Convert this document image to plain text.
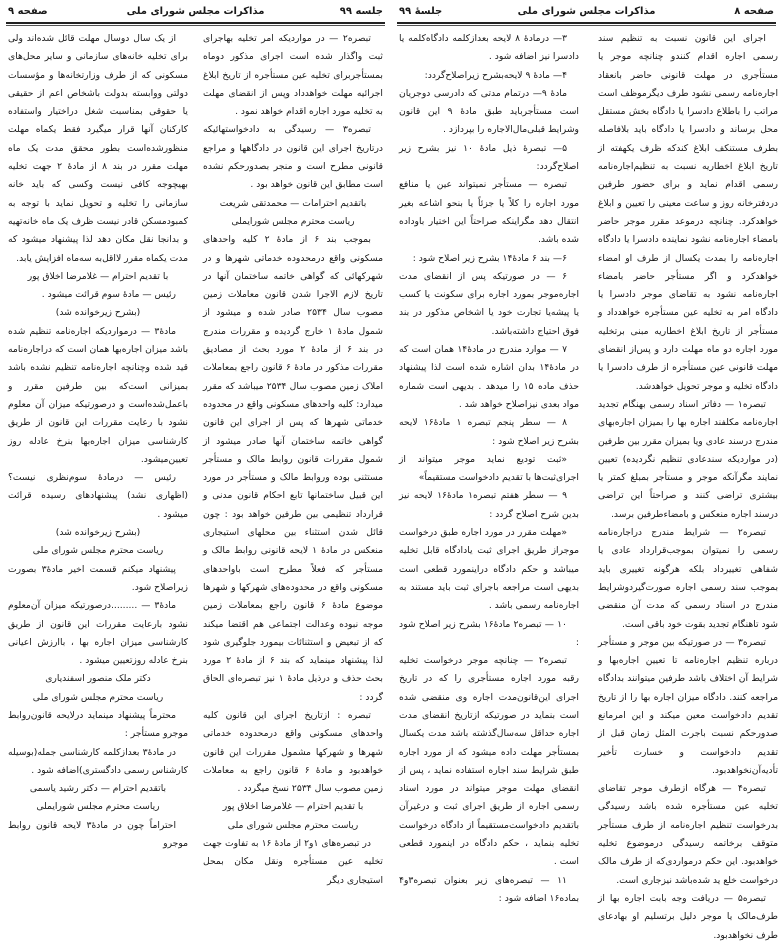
جلسه ۹۹
مذاکرات مجلس شورای ملی
صفحه ۹

تبصره۲ — در مواردیکه امر تخلیه بهاجرای ثبت واگذار شده است اجرای مذکور دوماه بمستأجربرای تخلیه عین مستأجره از تاریخ ابلاغ اجرائیه مهلت خواهدداد وپس از انقضای مهلت به تخلیه مورد اجاره اقدام خواهد نمود .

تبصره۳ — رسیدگی به دادخواستهائیکه درتاریخ اجرای این قانون در دادگاهها و مراجع قانونی مطرح است و منجر بصدورحکم نشده است مطابق این قانون خواهد بود .

باتقدیم احترامات — محمدتقی شریعت

ریاست محترم مجلس شورایملی

بموجب بند ۶ از مادهٔ ۲ کلیه واحدهای مسکونی واقع درمحدوده خدماتی شهرها و در شهرکهائی که گواهی خاتمه ساختمان آنها در تاریخ لازم الاجرا شدن قانون معاملات زمین مصوب سال ۲۵۳۴ صادر شده و میشود از شمول مادهٔ ۱ خارج گردیده و مقررات مندرج در بند ۶ از مادهٔ ۲ مورد بحث از مصادیق مقررات مذکور در مادهٔ ۶ قانون راجع بمعاملات املاک زمین مصوب سال ۲۵۳۴ میباشد که مقرر میدارد: کلیه واحدهای مسکونی واقع در محدوده خدماتی شهرها که پس از اجرای این قانون گواهی خاتمه ساختمان آنها صادر میشود از شمول مقررات قانون روابط مالک و مستأجر مستثنی بوده وروابط مالک و مستأجر در مورد این قبیل ساختمانها تابع احکام قانون مدنی و قرارداد تنظیمی بین طرفین خواهد بود : چون قائل شدن استثناء بین محلهای استیجاری منعکس در مادهٔ ۱ لایحه قانونی روابط مالک و مستأجر که فعلاً مطرح است باواحدهای مسکونی واقع در محدوده‌های شهرکها و شهرها موضوع مادهٔ ۶ قانون راجع بمعاملات زمین موجه نبوده وعدالت اجتماعی هم اقتضا میکند که از تبعیض و استثنائات بیمورد جلوگیری شود لذا پیشنهاد مینماید که بند ۶ از مادهٔ ۲ مورد بحث حذف و درذیل مادهٔ ۱ نیز تبصره‌ای الحاق گردد :

تبصره : ازتاریخ اجرای این قانون کلیه واحدهای مسکونی واقع درمحدوده خدماتی شهرها و شهرکها مشمول مقررات این قانون خواهدبود و مادهٔ ۶ قانون راجع به معاملات زمین مصوب سال ۲۵۳۴ نسخ میگردد .

با تقدیم احترام — غلامرضا اخلاق پور

ریاست محترم مجلس شورای ملی

در تبصره‌های ۱و۲ از مادهٔ ۱۶ به تفاوت جهت تخلیه عین مستأجره ونقل مکان بمحل استیجاری دیگر

از یک سال دوسال مهلت قائل شده‌اند ولی برای تخلیه خانه‌های سازمانی و سایر محل‌های مسکونی که از طرف وزارتخانه‌ها و مؤسسات دولتی ووابسته بدولت باشخاص اعم از حقیقی یا حقوقی بمناسبت شغل دراختیار واستفاده کارکنان آنها قرار میگیرد فقط یکماه مهلت منظورشده‌است بطور محقق مدت یک ماه مهلت مقرر در بند ۸ از مادهٔ ۲ جهت تخلیه بهیچوجه کافی نیست وکسی که باید خانه سازمانی را تخلیه و تحویل نماید با توجه به کمبودمسکن قادر نیست ظرف یک ماه خانه‌تهیه و بدانجا نقل مکان دهد لذا پیشنهاد میشود که مدت یکماه مقرر لااقل‌به سه‌ماه افزایش یابد.

با تقدیم احترام — غلامرضا اخلاق پور

رئیس — مادهٔ سوم قرائت میشود .

(بشرح زیرخوانده شد)

مادهٔ۳ — درمواردیکه اجاره‌نامه تنظیم شده باشد میزان اجاره‌بها همان است که دراجاره‌نامه قید شده وچنانچه اجاره‌نامه تنظیم نشده باشد بمیزانی است‌که بین طرفین مقرر و باعمل‌شده‌است و درصورتیکه میزان آن معلوم نشود با رعایت مقررات این قانون از طریق کارشناسی میزان اجاره‌بها بنرخ عادله روز تعیین‌میشود.

رئیس — درمادهٔ سوم‌نظری نیست؟ (اظهاری نشد) پیشنهادهای رسیده قرائت میشود .

(بشرح زیرخوانده شد)

ریاست محترم مجلس شورای ملی

پیشنهاد میکنم قسمت اخیر مادهٔ۳ بصورت زیراصلاح شود.

مادهٔ۳ — .........درصورتیکه میزان آن‌معلوم نشود بارعایت مقررات این قانون از طریق کارشناسی میزان اجاره بها ، باارزش اعیانی بنرخ عادله روزتعیین میشود .

دکتر ملک منصور اسفندیاری

ریاست محترم مجلس شورای ملی

محترماً پیشنهاد مینماید درلایحه قانون‌روابط موجرو مستأجر :

در مادهٔ۳ بعدازکلمه کارشناسی جمله(بوسیله کارشناس رسمی دادگستری)اضافه شود .

باتقدیم احترام — دکتر رشید یاسمی

ریاست محترم مجلس شورایملی

احتراماً چون در مادهٔ۳ لایحه قانون روابط موجرو

صفحه ۸
مذاکرات مجلس شورای ملی
جلسهٔ ۹۹

اجرای این قانون نسبت به تنظیم سند رسمی اجاره اقدام کنندو چنانچه موجر یا مستأجری در مهلت قانونی حاضر بانعقاد اجاره‌نامه رسمی نشود طرف دیگرموظف است مراتب را باطلاع دادسرا یا دادگاه بخش مستقل محل برساند و دادسرا یا دادگاه باید بلافاصله بطرف مستنکف ابلاغ کندکه ظرف یکهفته از تاریخ ابلاغ اخطاریه نسبت به تنظیم‌اجاره‌نامه رسمی اقدام نماید و برای حضور طرفین دردفترخانه روز و ساعت معینی را تعیین و ابلاغ خواهدکرد. چنانچه درموعد مقرر موجر حاضر بامضاء اجاره‌نامه نشود نماینده دادسرا یا دادگاه اجاره‌نامه را بمدت یکسال از طرف او امضاء خواهدکرد و اگر مستأجر حاضر بامضاء اجاره‌نامه نشود به تقاضای موجر دادسرا یا دادگاه امر به تخلیه عین مستأجره خواهدداد و مستأجر از تاریخ ابلاغ اخطاریه مبنی برتخلیه مورد اجاره دو ماه مهلت دارد و پس‌از انقضای مهلت قانونی عین مستأجره از طرف دادسرا یا دادگاه تخلیه و موجر تحویل خواهدشد.

تبصره۱ — دفاتر اسناد رسمی بهنگام تجدید اجاره‌نامه مکلفند اجاره بها را بمیزان اجاره‌بهای مندرج درسند عادی ویا بمیزان مقرر بین طرفین (در مواردیکه سندعادی تنظیم نگردیده) تعیین نمایند مگرآنکه موجر و مستأجر بمبلغ کمتر یا بیشتری تراضی کنند و صراحتاً این تراضی درسند اجاره منعکس و بامضاءطرفین برسد.

تبصره۲ — شرایط مندرج دراجاره‌نامه رسمی را نمیتوان بموجب‌قرارداد عادی یا شفاهی تغییرداد بلکه هرگونه تغییری باید بموجب سند رسمی اجاره صورت‌گیردوشرایط مندرج در اسناد رسمی که مدت آن منقضی شود تاهنگام تجدید بقوت خود باقی است.

تبصره۳ — در صورتیکه بین موجر و مستأجر درباره تنظیم اجاره‌نامه تا تعیین اجاره‌بها و شرایط آن اختلاف باشد طرفین میتوانند بدادگاه مراجعه کنند. دادگاه میزان اجاره بها را از تاریخ تقدیم دادخواست معین میکند و این امرمانع صدورحکم نسبت باجرت المثل زمان قبل از تقدیم دادخواست و خسارت تأخیر تأدیه‌آن‌نخواهدبود.

تبصره۴ — هرگاه ازطرف موجر تقاضای تخلیه عین مستأجره شده باشد رسیدگی بدرخواست تنظیم اجاره‌نامه از طرف مستأجر متوقف برخاتمه رسیدگی درموضوع تخلیه خواهدبود. این حکم درمواردی‌که از طرف مالک درخواست خلع ید شده‌باشد نیزجاری است.

تبصره۵ — دریافت وجه بابت اجاره بها از طرف‌مالک یا موجر دلیل برتسلیم او بهادعای طرف نخواهدبود.

۳— درمادهٔ ۸ لایحه بعدازکلمه دادگاه‌کلمه یا دادسرا نیز اضافه شود .

۴— مادهٔ ۹ لایحه‌بشرح زیراصلاح‌گردد:

مادهٔ ۹— درتمام مدتی که دادرسی دوجریان است مستأجرباید طبق مادهٔ ۹ این قانون وشرایط قبلی‌مال‌الاجاره را بپردازد .

۵— تبصرهٔ ذیل مادهٔ ۱۰ نیز بشرح زیر اصلاح‌گردد:

تبصره — مستأجر نمیتواند عین یا منافع مورد اجاره را کلاً یا جزئاً یا بنحو اشاعه بغیر انتقال دهد مگراینکه صراحتاً این اختیار باوداده شده باشد.

۶— بند ۶ مادهٔ۱۴ بشرح زیر اصلاح شود :

۶ — در صورتیکه پس از انقضای مدت اجاره‌موجر بمورد اجاره برای سکونت یا کسب یا پیشه‌یا تجارت خود یا اشخاص مذکور در بند فوق احتیاج داشته‌باشد.

۷ — موارد مندرج در مادهٔ۱۴ همان است که در مادهٔ۱۴ بدان اشاره شده است لذا پیشنهاد حذف ماده ۱۵ را میدهد . بدیهی است شماره مواد بعدی نیزاصلاح خواهد شد .

۸ — سطر پنجم تبصره ۱ مادهٔ۱۶ لایحه بشرح زیر اصلاح شود :

«ثبت تودیع نماید موجر میتواند از اجرای‌ثبت‌ها با تقدیم دادخواست مستقیماً»

۹ — سطر هفتم تبصره۱ مادهٔ۱۶ لایحه نیز بدین شرح اصلاح گردد :

«مهلت مقرر در مورد اجاره طبق درخواست موجراز طریق اجرای ثبت یادادگاه قابل تخلیه میباشد و حکم دادگاه دراینمورد قطعی است بدیهی است مراجعه باجرای ثبت باید مستند به اجاره‌نامه رسمی باشد .

۱۰ — تبصره۲ مادهٔ۱۶ بشرح زیر اصلاح شود :

تبصره۲ — چنانچه موجر درخواست تخلیه رقبه مورد اجاره مستأجری را که در تاریخ اجرای این‌قانون‌مدت اجاره وی منقضی شده است بنماید در صورتیکه ازتاریخ انقضای مدت اجاره حداقل سه‌سال‌گذشته باشد مدت یکسال بمستأجر مهلت داده میشود که از مورد اجاره طبق شرایط سند اجاره استفاده نماید ، پس از انقضای مهلت موجر میتواند در مورد اسناد رسمی اجاره از طریق اجرای ثبت و درغیرآن باتقدیم دادخواست‌مستقیماً از دادگاه درخواست تخلیه بنماید ، حکم دادگاه در اینمورد قطعی است .

۱۱ — تبصره‌های زیر بعنوان تبصره۳و۴ بماده۱۶ اضافه شود :
